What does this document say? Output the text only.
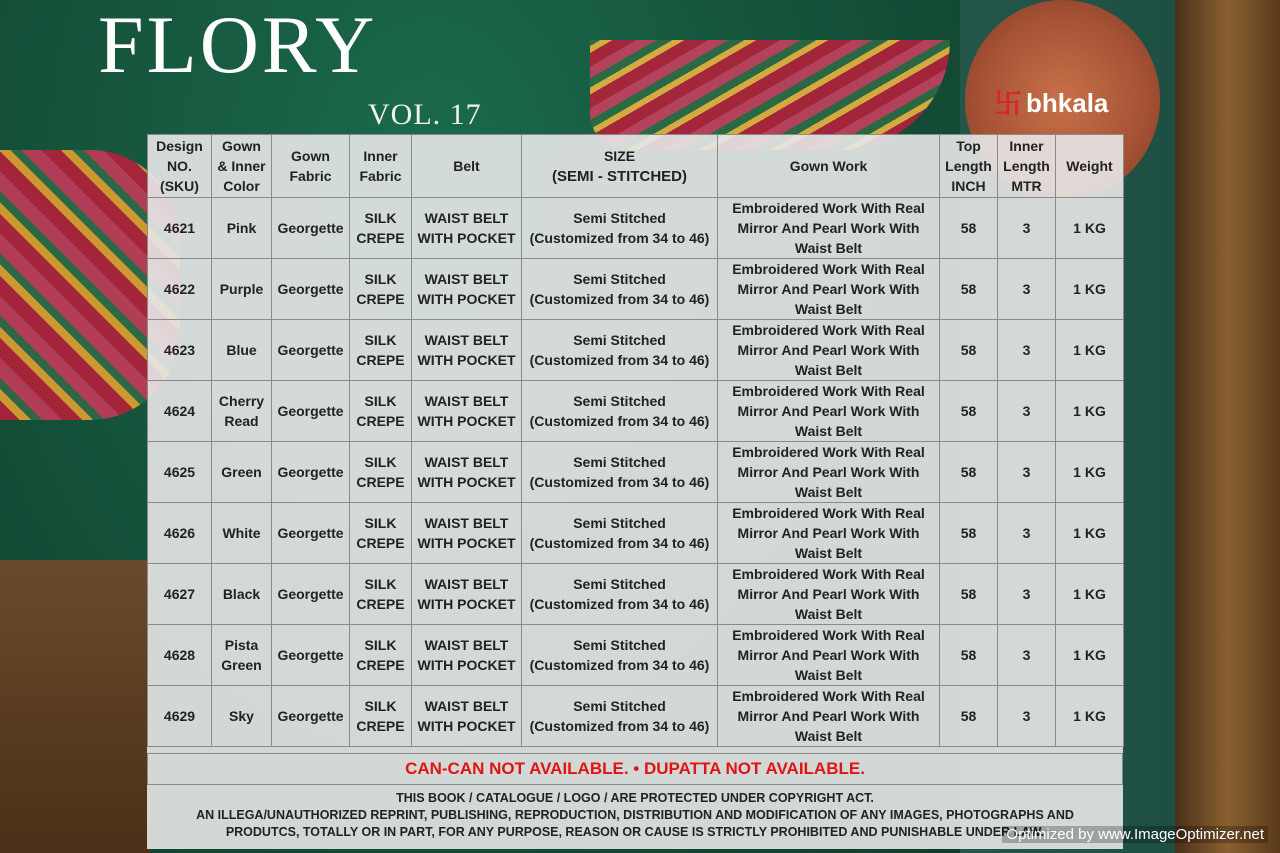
FLORY
VOL. 17	卐 bhkala
Design
NO.
(SKU)	Gown
& Inner
Color	Gown
Fabric	Inner
Fabric	Belt	SIZE
(SEMI - STITCHED)	Gown Work	Top
Length
INCH	Inner
Length
MTR	Weight
4621	Pink	Georgette	SILK CREPE	WAIST BELT WITH POCKET	Semi Stitched
(Customized from 34 to 46)	Embroidered Work With Real Mirror And Pearl Work With Waist Belt	58	3	1 KG
4622	Purple	Georgette	SILK CREPE	WAIST BELT WITH POCKET	Semi Stitched
(Customized from 34 to 46)	Embroidered Work With Real Mirror And Pearl Work With Waist Belt	58	3	1 KG
4623	Blue	Georgette	SILK CREPE	WAIST BELT WITH POCKET	Semi Stitched
(Customized from 34 to 46)	Embroidered Work With Real Mirror And Pearl Work With Waist Belt	58	3	1 KG
4624	Cherry Read	Georgette	SILK CREPE	WAIST BELT WITH POCKET	Semi Stitched
(Customized from 34 to 46)	Embroidered Work With Real Mirror And Pearl Work With Waist Belt	58	3	1 KG
4625	Green	Georgette	SILK CREPE	WAIST BELT WITH POCKET	Semi Stitched
(Customized from 34 to 46)	Embroidered Work With Real Mirror And Pearl Work With Waist Belt	58	3	1 KG
4626	White	Georgette	SILK CREPE	WAIST BELT WITH POCKET	Semi Stitched
(Customized from 34 to 46)	Embroidered Work With Real Mirror And Pearl Work With Waist Belt	58	3	1 KG
4627	Black	Georgette	SILK CREPE	WAIST BELT WITH POCKET	Semi Stitched
(Customized from 34 to 46)	Embroidered Work With Real Mirror And Pearl Work With Waist Belt	58	3	1 KG
4628	Pista Green	Georgette	SILK CREPE	WAIST BELT WITH POCKET	Semi Stitched
(Customized from 34 to 46)	Embroidered Work With Real Mirror And Pearl Work With Waist Belt	58	3	1 KG
4629	Sky	Georgette	SILK CREPE	WAIST BELT WITH POCKET	Semi Stitched
(Customized from 34 to 46)	Embroidered Work With Real Mirror And Pearl Work With Waist Belt	58	3	1 KG
CAN-CAN NOT AVAILABLE. • DUPATTA NOT AVAILABLE.
THIS BOOK / CATALOGUE / LOGO / ARE PROTECTED UNDER COPYRIGHT ACT.
AN ILLEGA/UNAUTHORIZED REPRINT, PUBLISHING, REPRODUCTION, DISTRIBUTION AND MODIFICATION OF ANY IMAGES, PHOTOGRAPHS AND
PRODUTCS, TOTALLY OR IN PART, FOR ANY PURPOSE, REASON OR CAUSE IS STRICTLY PROHIBITED AND PUNISHABLE UNDER LAW.
Optimized by www.ImageOptimizer.net
